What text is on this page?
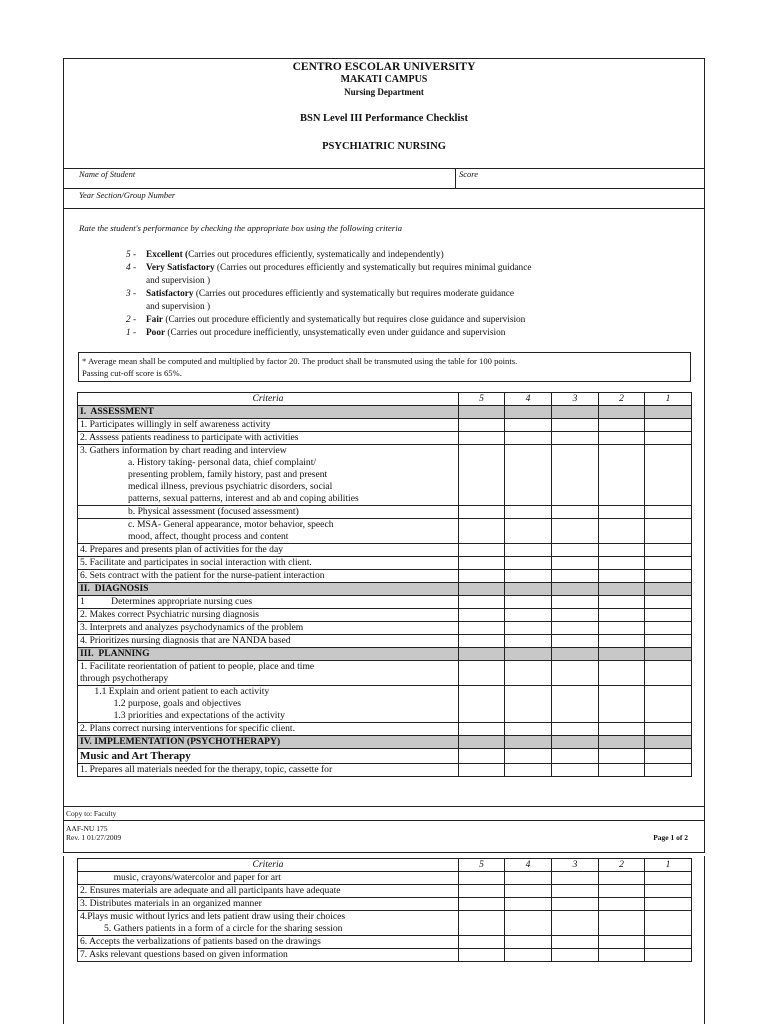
CENTRO ESCOLAR UNIVERSITY
MAKATI CAMPUS
Nursing Department
BSN Level III Performance Checklist
PSYCHIATRIC NURSING
Name of Student	Score
Year Section/Group Number
Rate the student's performance by checking the appropriate box using the following criteria
5 - Excellent (Carries out procedures efficiently, systematically and independently)
4 - Very Satisfactory (Carries out procedures efficiently and systematically but requires minimal guidance
and supervision )
3 - Satisfactory (Carries out procedures efficiently and systematically but requires moderate guidance
and supervision )
2 - Fair (Carries out procedure efficiently and systematically but requires close guidance and supervision
1 - Poor (Carries out procedure inefficiently, unsystematically even under guidance and supervision
* Average mean shall be computed and multiplied by factor 20. The product shall be transmuted using the table for 100 points.
Passing cut-off score is 65%.
Criteria	5	4	3	2	1
I.  ASSESSMENT					
1. Participates willingly in self awareness activity					
2. Asssess patients readiness to participate with activities					
3. Gathers information by chart reading and interview
a. History taking- personal data, chief complaint/
presenting problem, family history, past and present
medical illness, previous psychiatric disorders, social
patterns, sexual patterns, interest and ab and coping abilities					
b. Physical assessment (focused assessment)					
c. MSA- General appearance, motor behavior, speech
mood, affect, thought process and content					
4. Prepares and presents plan of activities for the day					
5. Facilitate and participates in social interaction with client.					
6. Sets contract with the patient for the nurse-patient interaction					
II.  DIAGNOSIS					
1           Determines appropriate nursing cues					
2. Makes correct Psychiatric nursing diagnosis					
3. Interprets and analyzes psychodynamics of the problem					
4. Prioritizes nursing diagnosis that are NANDA based					
III.  PLANNING					
1. Facilitate reorientation of patient to people, place and time
through psychotherapy					
1.1 Explain and orient patient to each activity
1.2 purpose, goals and objectives
1.3 priorities and expectations of the activity					
2. Plans correct nursing interventions for specific client.					
IV. IMPLEMENTATION (PSYCHOTHERAPY)					
Music and Art Therapy					
1. Prepares all materials needed for the therapy, topic, cassette for					
Copy to: Faculty
AAF-NU 175
Rev. 1 01/27/2009	Page 1 of 2
Criteria	5	4	3	2	1
music, crayons/watercolor and paper for art					
2. Ensures materials are adequate and all participants have adequate					
3. Distributes materials in an organized manner					
4.Plays music without lyrics and lets patient draw using their choices
5. Gathers patients in a form of a circle for the sharing session					
6. Accepts the verbalizations of patients based on the drawings					
7. Asks relevant questions based on given information					
